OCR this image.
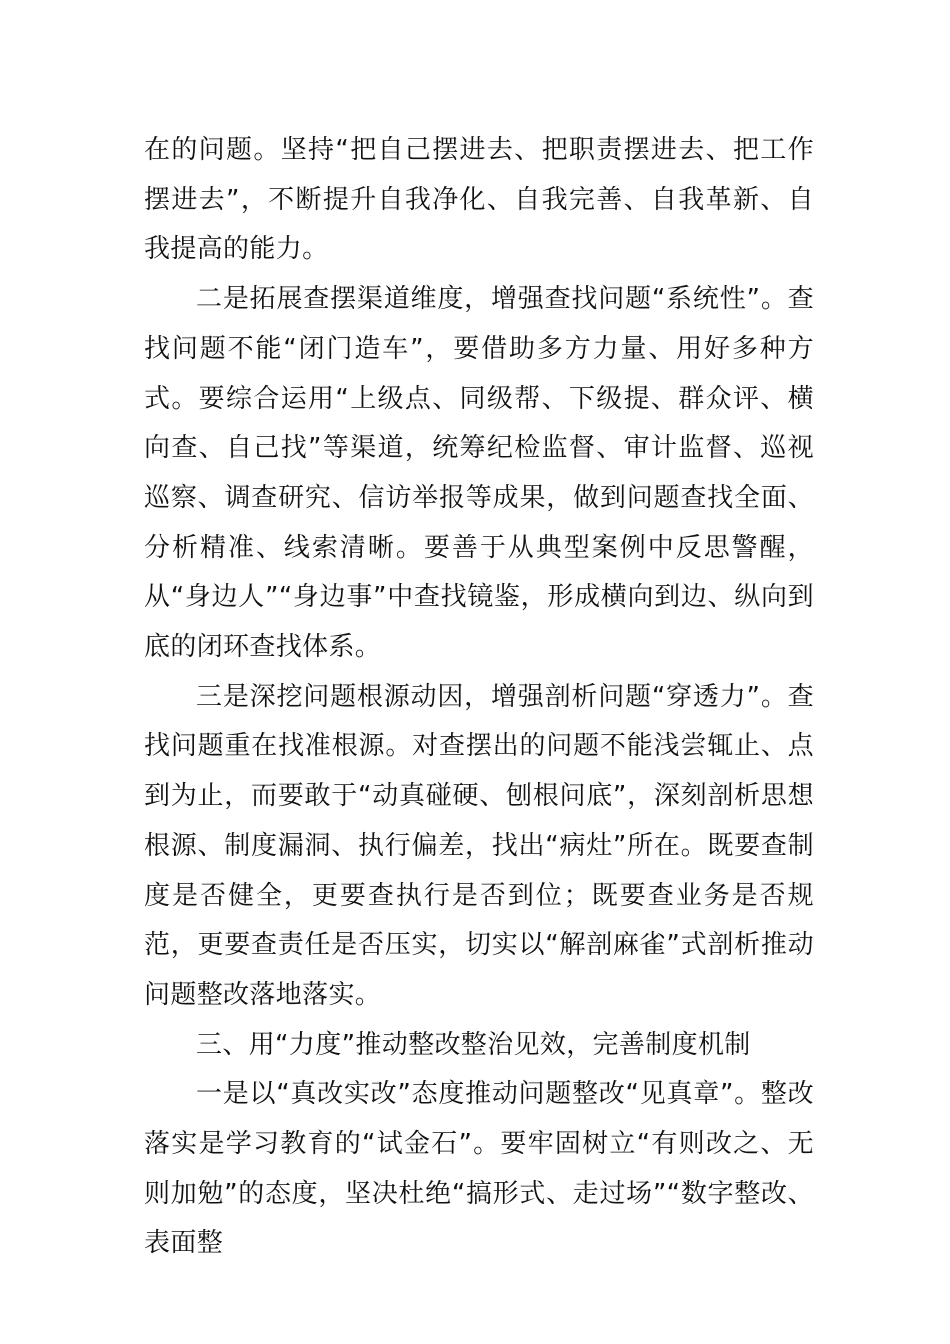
在的问题。坚持“把自己摆进去、把职责摆进去、把工作摆进去”，不断提升自我净化、自我完善、自我革新、自我提高的能力。

二是拓展查摆渠道维度，增强查找问题“系统性”。查找问题不能“闭门造车”，要借助多方力量、用好多种方式。要综合运用“上级点、同级帮、下级提、群众评、横向查、自己找”等渠道，统筹纪检监督、审计监督、巡视巡察、调查研究、信访举报等成果，做到问题查找全面、分析精准、线索清晰。要善于从典型案例中反思警醒，从“身边人”“身边事”中查找镜鉴，形成横向到边、纵向到底的闭环查找体系。

三是深挖问题根源动因，增强剖析问题“穿透力”。查找问题重在找准根源。对查摆出的问题不能浅尝辄止、点到为止，而要敢于“动真碰硬、刨根问底”，深刻剖析思想根源、制度漏洞、执行偏差，找出“病灶”所在。既要查制度是否健全，更要查执行是否到位；既要查业务是否规范，更要查责任是否压实，切实以“解剖麻雀”式剖析推动问题整改落地落实。

三、用“力度”推动整改整治见效，完善制度机制

一是以“真改实改”态度推动问题整改“见真章”。整改落实是学习教育的“试金石”。要牢固树立“有则改之、无则加勉”的态度，坚决杜绝“搞形式、走过场”“数字整改、表面整
